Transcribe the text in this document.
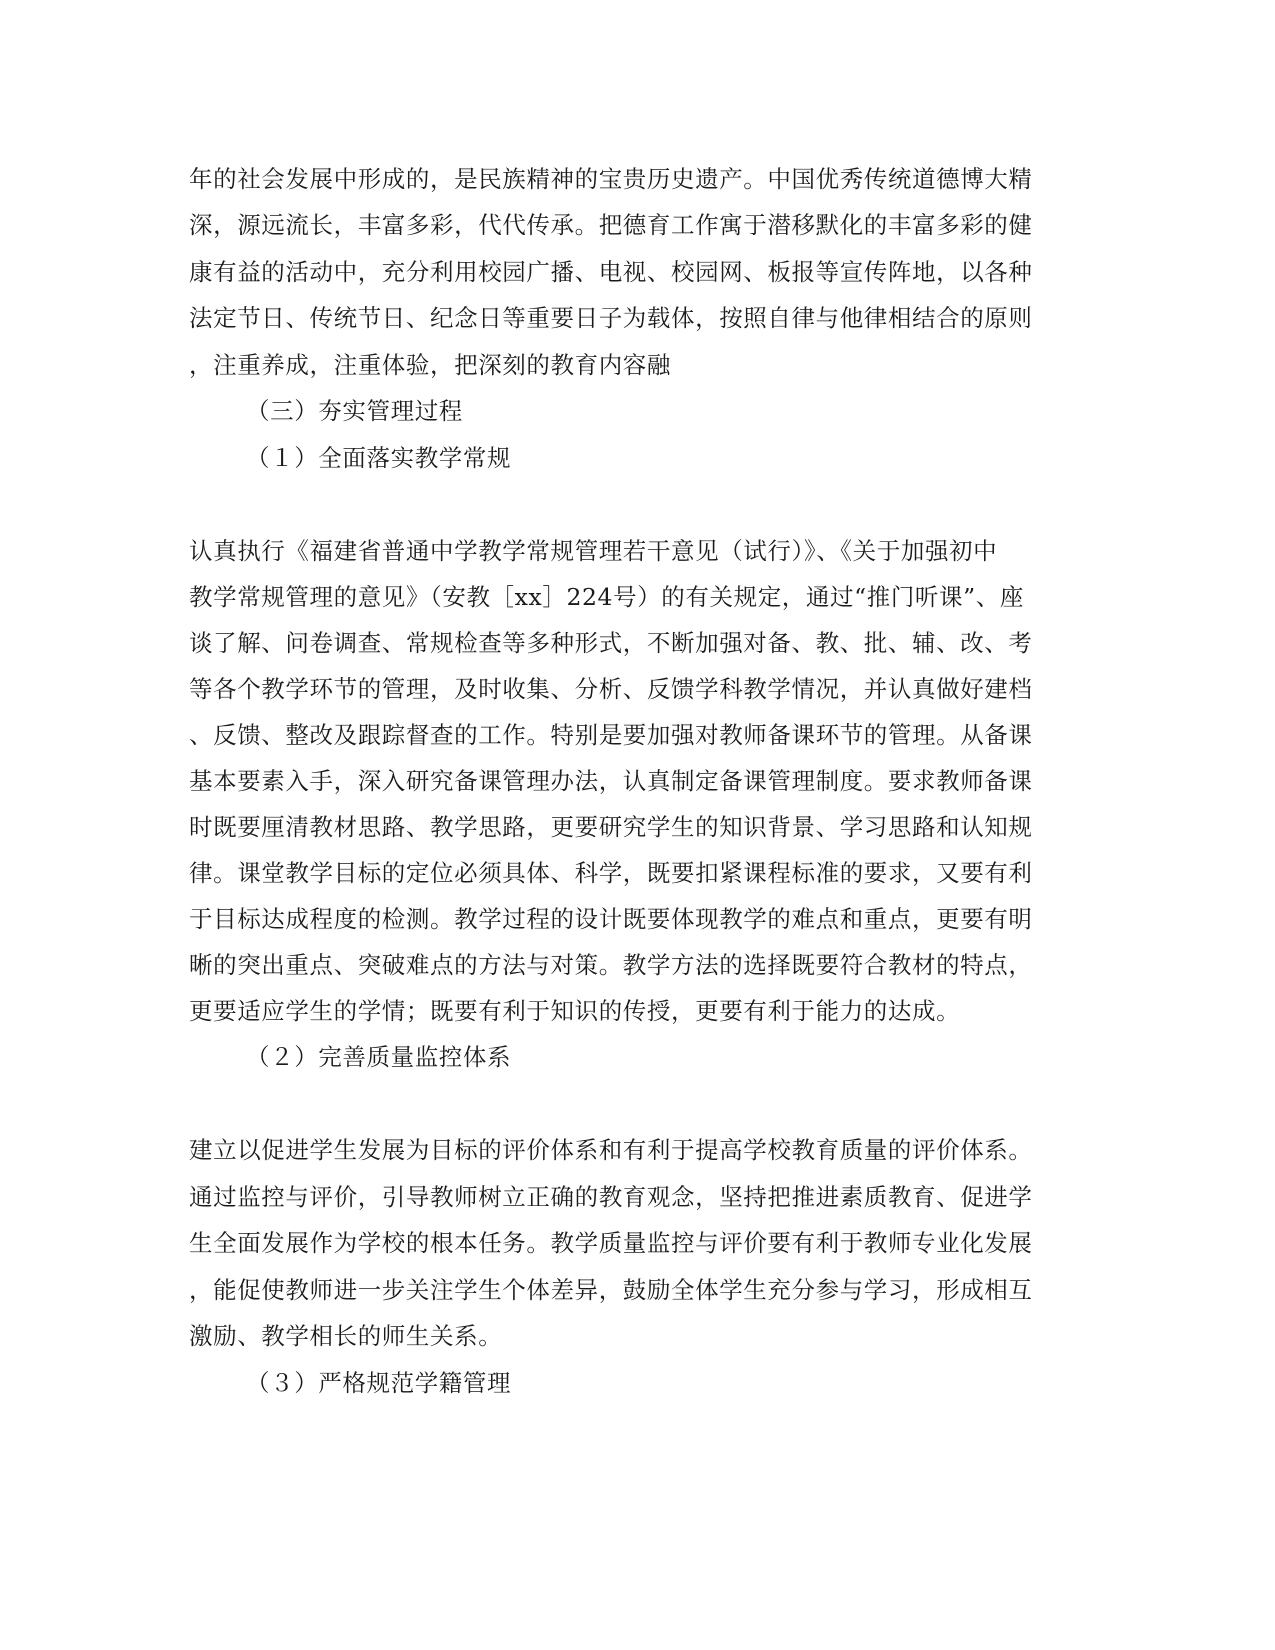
年的社会发展中形成的，是民族精神的宝贵历史遗产。中国优秀传统道德博大精
深，源远流长，丰富多彩，代代传承。把德育工作寓于潜移默化的丰富多彩的健
康有益的活动中，充分利用校园广播、电视、校园网、板报等宣传阵地，以各种
法定节日、传统节日、纪念日等重要日子为载体，按照自律与他律相结合的原则
，注重养成，注重体验，把深刻的教育内容融
（三）夯实管理过程
（１）全面落实教学常规
认真执行《福建省普通中学教学常规管理若干意见（试行）》、《关于加强初中
教学常规管理的意见》（安教［xx］224号）的有关规定，通过“推门听课”、座
谈了解、问卷调查、常规检查等多种形式，不断加强对备、教、批、辅、改、考
等各个教学环节的管理，及时收集、分析、反馈学科教学情况，并认真做好建档
、反馈、整改及跟踪督查的工作。特别是要加强对教师备课环节的管理。从备课
基本要素入手，深入研究备课管理办法，认真制定备课管理制度。要求教师备课
时既要厘清教材思路、教学思路，更要研究学生的知识背景、学习思路和认知规
律。课堂教学目标的定位必须具体、科学，既要扣紧课程标准的要求，又要有利
于目标达成程度的检测。教学过程的设计既要体现教学的难点和重点，更要有明
晰的突出重点、突破难点的方法与对策。教学方法的选择既要符合教材的特点，
更要适应学生的学情；既要有利于知识的传授，更要有利于能力的达成。
（２）完善质量监控体系
建立以促进学生发展为目标的评价体系和有利于提高学校教育质量的评价体系。
通过监控与评价，引导教师树立正确的教育观念，坚持把推进素质教育、促进学
生全面发展作为学校的根本任务。教学质量监控与评价要有利于教师专业化发展
，能促使教师进一步关注学生个体差异，鼓励全体学生充分参与学习，形成相互
激励、教学相长的师生关系。
（３）严格规范学籍管理
